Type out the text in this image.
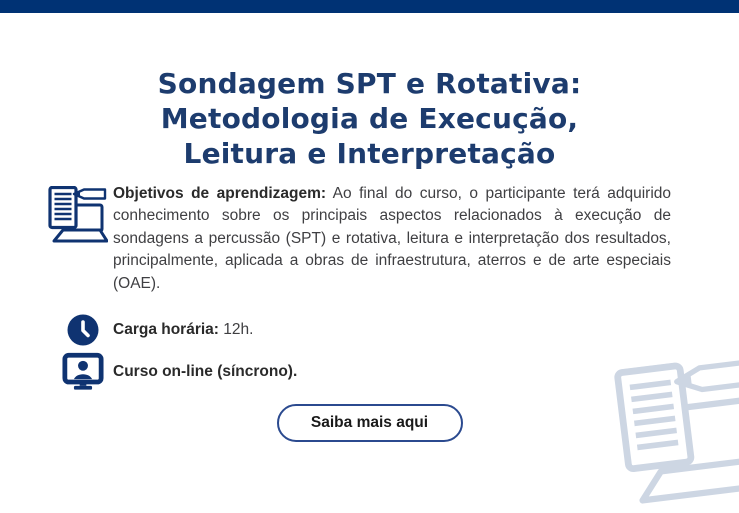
Sondagem SPT e Rotativa:
Metodologia de Execução,
Leitura e Interpretação

Objetivos de aprendizagem: Ao final do curso, o participante terá adquirido conhecimento sobre os principais aspectos relacionados à execução de sondagens a percussão (SPT) e rotativa, leitura e interpretação dos resultados, principalmente, aplicada a obras de infraestrutura, aterros e de arte especiais (OAE).

Carga horária: 12h.
Curso on-line (síncrono).
Saiba mais aqui
